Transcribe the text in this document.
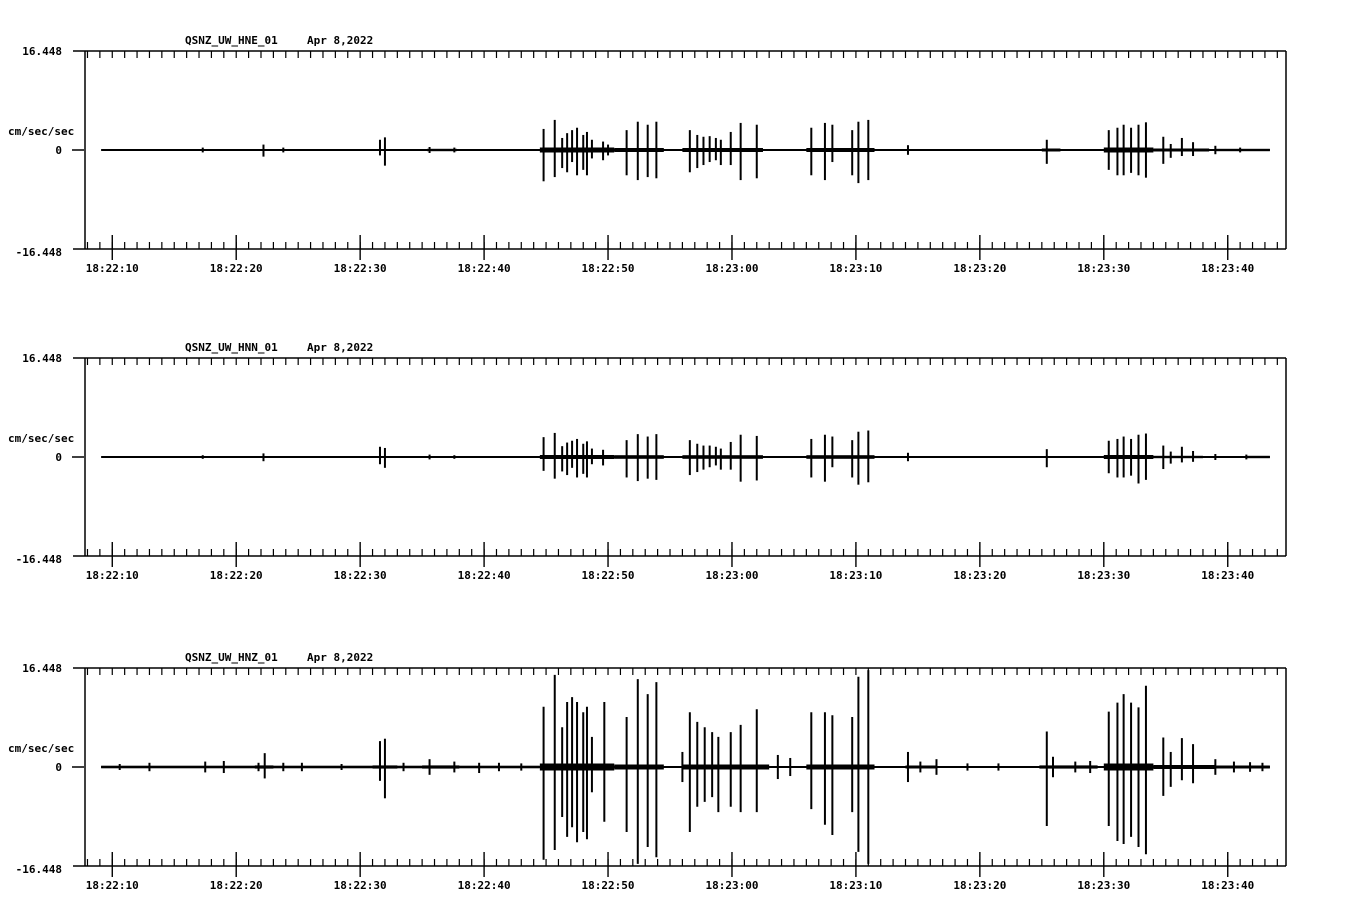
18:22:10	18:22:20	18:22:30	18:22:40	18:22:50	18:23:00	18:23:10	18:23:20	18:23:30	18:23:40
QSNZ_UW_HNE_01	Apr 8,2022
16.448
cm/sec/sec
0
-16.448
18:22:10	18:22:20	18:22:30	18:22:40	18:22:50	18:23:00	18:23:10	18:23:20	18:23:30	18:23:40
QSNZ_UW_HNN_01	Apr 8,2022
16.448
cm/sec/sec
0
-16.448
18:22:10	18:22:20	18:22:30	18:22:40	18:22:50	18:23:00	18:23:10	18:23:20	18:23:30	18:23:40
QSNZ_UW_HNZ_01	Apr 8,2022
16.448
cm/sec/sec
0
-16.448
